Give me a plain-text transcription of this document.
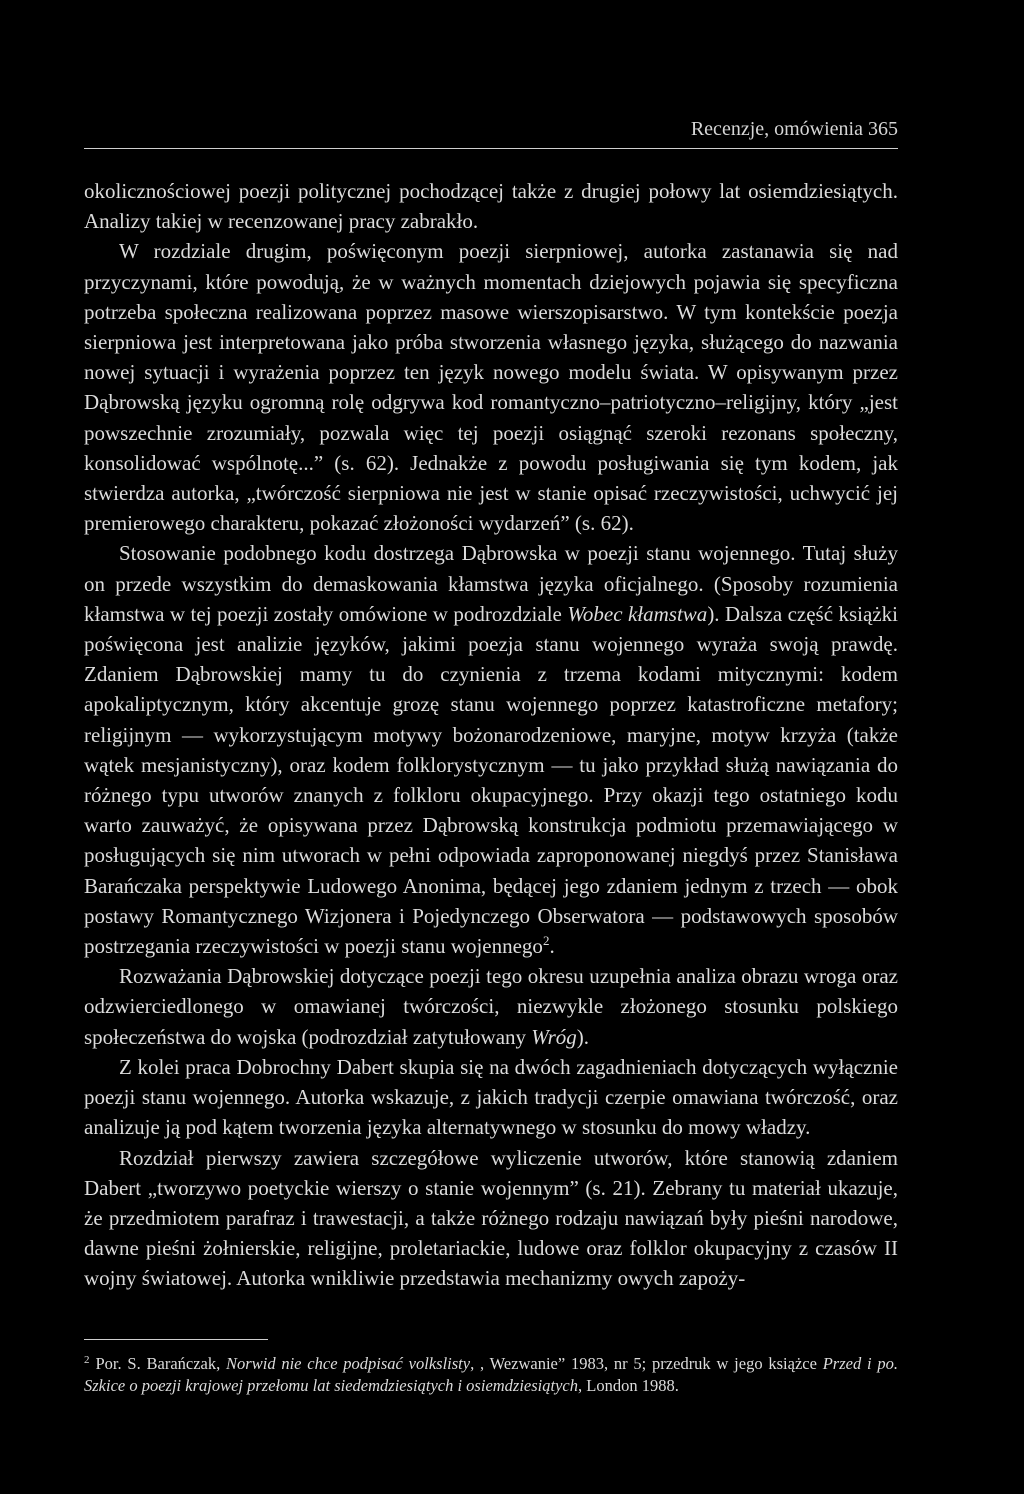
Recenzje, omówienia 365

okolicznościowej poezji politycznej pochodzącej także z drugiej połowy lat osiemdziesiątych. Analizy takiej w recenzowanej pracy zabrakło.

W rozdziale drugim, poświęconym poezji sierpniowej, autorka zastanawia się nad przyczynami, które powodują, że w ważnych momentach dziejowych pojawia się specyficzna potrzeba społeczna realizowana poprzez masowe wierszopisarstwo. W tym kontekście poezja sierpniowa jest interpretowana jako próba stworzenia własnego języka, służącego do nazwania nowej sytuacji i wyrażenia poprzez ten język nowego modelu świata. W opisywanym przez Dąbrowską języku ogromną rolę odgrywa kod romantyczno–patriotyczno–religijny, który „jest powszechnie zrozumiały, pozwala więc tej poezji osiągnąć szeroki rezonans społeczny, konsolidować wspólnotę...” (s. 62). Jednakże z powodu posługiwania się tym kodem, jak stwierdza autorka, „twórczość sierpniowa nie jest w stanie opisać rzeczywistości, uchwycić jej premierowego charakteru, pokazać złożoności wydarzeń” (s. 62).

Stosowanie podobnego kodu dostrzega Dąbrowska w poezji stanu wojennego. Tutaj służy on przede wszystkim do demaskowania kłamstwa języka oficjalnego. (Sposoby rozumienia kłamstwa w tej poezji zostały omówione w podrozdziale Wobec kłamstwa). Dalsza część książki poświęcona jest analizie języków, jakimi poezja stanu wojennego wyraża swoją prawdę. Zdaniem Dąbrowskiej mamy tu do czynienia z trzema kodami mitycznymi: kodem apokaliptycznym, który akcentuje grozę stanu wojennego poprzez katastroficzne metafory; religijnym — wykorzystującym motywy bożonarodzeniowe, maryjne, motyw krzyża (także wątek mesjanistyczny), oraz kodem folklorystycznym — tu jako przykład służą nawiązania do różnego typu utworów znanych z folkloru okupacyjnego. Przy okazji tego ostatniego kodu warto zauważyć, że opisywana przez Dąbrowską konstrukcja podmiotu przemawiającego w posługujących się nim utworach w pełni odpowiada zaproponowanej niegdyś przez Stanisława Barańczaka perspektywie Ludowego Anonima, będącej jego zdaniem jednym z trzech — obok postawy Romantycznego Wizjonera i Pojedynczego Obserwatora — podstawowych sposobów postrzegania rzeczywistości w poezji stanu wojennego$^2$.

Rozważania Dąbrowskiej dotyczące poezji tego okresu uzupełnia analiza obrazu wroga oraz odzwierciedlonego w omawianej twórczości, niezwykle złożonego stosunku polskiego społeczeństwa do wojska (podrozdział zatytułowany Wróg).

Z kolei praca Dobrochny Dabert skupia się na dwóch zagadnieniach dotyczących wyłącznie poezji stanu wojennego. Autorka wskazuje, z jakich tradycji czerpie omawiana twórczość, oraz analizuje ją pod kątem tworzenia języka alternatywnego w stosunku do mowy władzy.

Rozdział pierwszy zawiera szczegółowe wyliczenie utworów, które stanowią zdaniem Dabert „tworzywo poetyckie wierszy o stanie wojennym” (s. 21). Zebrany tu materiał ukazuje, że przedmiotem parafraz i trawestacji, a także różnego rodzaju nawiązań były pieśni narodowe, dawne pieśni żołnierskie, religijne, proletariackie, ludowe oraz folklor okupacyjny z czasów II wojny światowej. Autorka wnikliwie przedstawia mechanizmy owych zapoży-

$^2$ Por. S. Barańczak, Norwid nie chce podpisać volkslisty, , Wezwanie” 1983, nr 5; przedruk w jego książce Przed i po. Szkice o poezji krajowej przełomu lat siedemdziesiątych i osiemdziesiątych, London 1988.
